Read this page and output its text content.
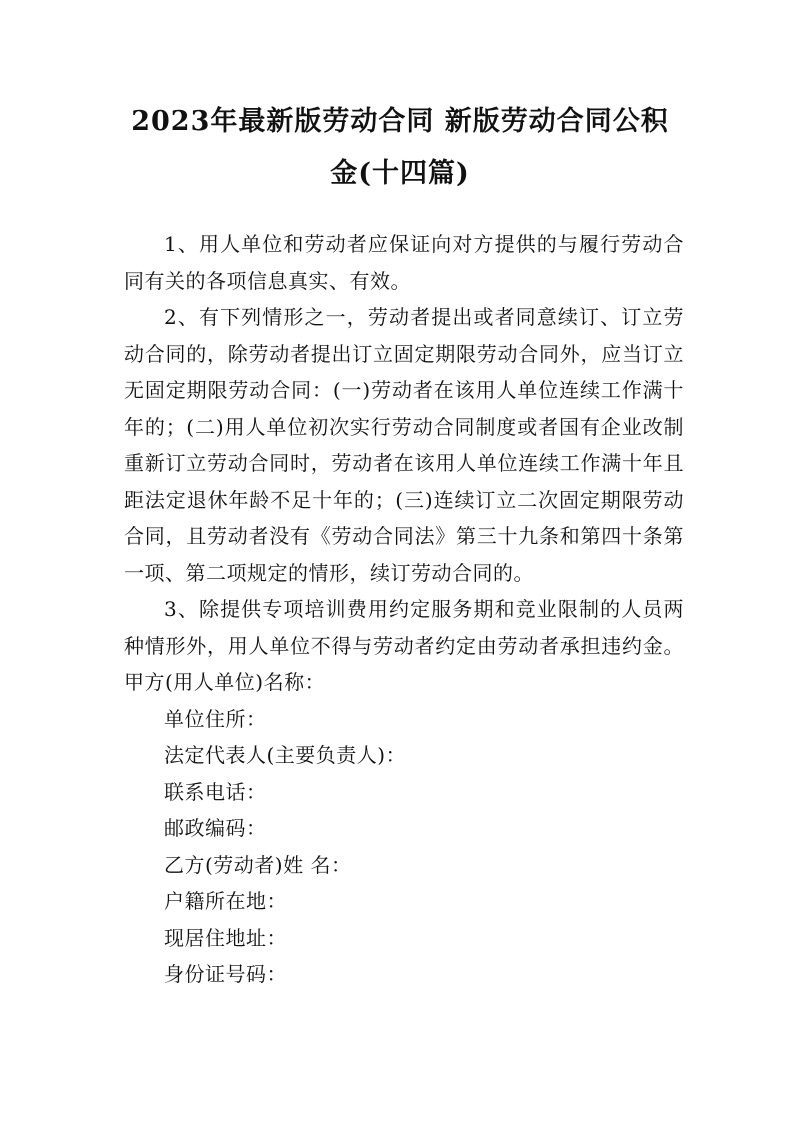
2023年最新版劳动合同 新版劳动合同公积
金(十四篇)

1、用人单位和劳动者应保证向对方提供的与履行劳动合同有关的各项信息真实、有效。

2、有下列情形之一，劳动者提出或者同意续订、订立劳动合同的，除劳动者提出订立固定期限劳动合同外，应当订立无固定期限劳动合同：(一)劳动者在该用人单位连续工作满十年的；(二)用人单位初次实行劳动合同制度或者国有企业改制重新订立劳动合同时，劳动者在该用人单位连续工作满十年且距法定退休年龄不足十年的；(三)连续订立二次固定期限劳动合同，且劳动者没有《劳动合同法》第三十九条和第四十条第一项、第二项规定的情形，续订劳动合同的。

3、除提供专项培训费用约定服务期和竞业限制的人员两种情形外，用人单位不得与劳动者约定由劳动者承担违约金。甲方(用人单位)名称：

单位住所：

法定代表人(主要负责人)：

联系电话：

邮政编码：

乙方(劳动者)姓 名：

户籍所在地：

现居住地址：

身份证号码：
